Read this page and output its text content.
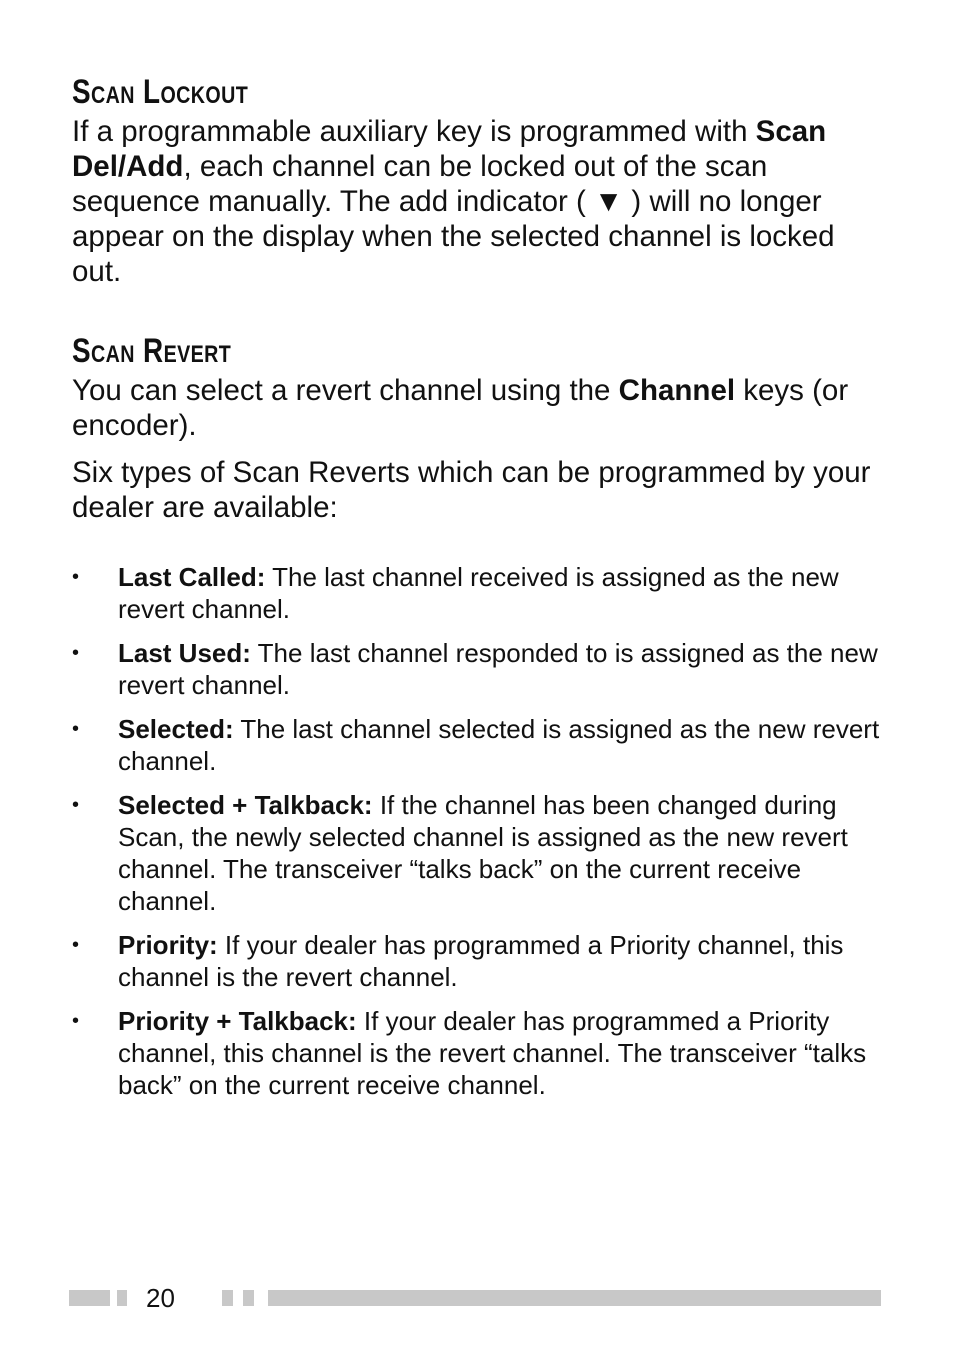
Scan Lockout

If a programmable auxiliary key is programmed with Scan Del/Add, each channel can be locked out of the scan sequence manually. The add indicator ( ▼ ) will no longer appear on the display when the selected channel is locked out.

Scan Revert

You can select a revert channel using the Channel keys (or encoder).

Six types of Scan Reverts which can be programmed by your dealer are available:

•	Last Called: The last channel received is assigned as the new revert channel.
•	Last Used: The last channel responded to is assigned as the new revert channel.
•	Selected: The last channel selected is assigned as the new revert channel.
•	Selected + Talkback: If the channel has been changed during Scan, the newly selected channel is assigned as the new revert channel. The transceiver “talks back” on the current receive channel.
•	Priority: If your dealer has programmed a Priority channel, this channel is the revert channel.
•	Priority + Talkback: If your dealer has programmed a Priority channel, this channel is the revert channel. The transceiver “talks back” on the current receive channel.
20
